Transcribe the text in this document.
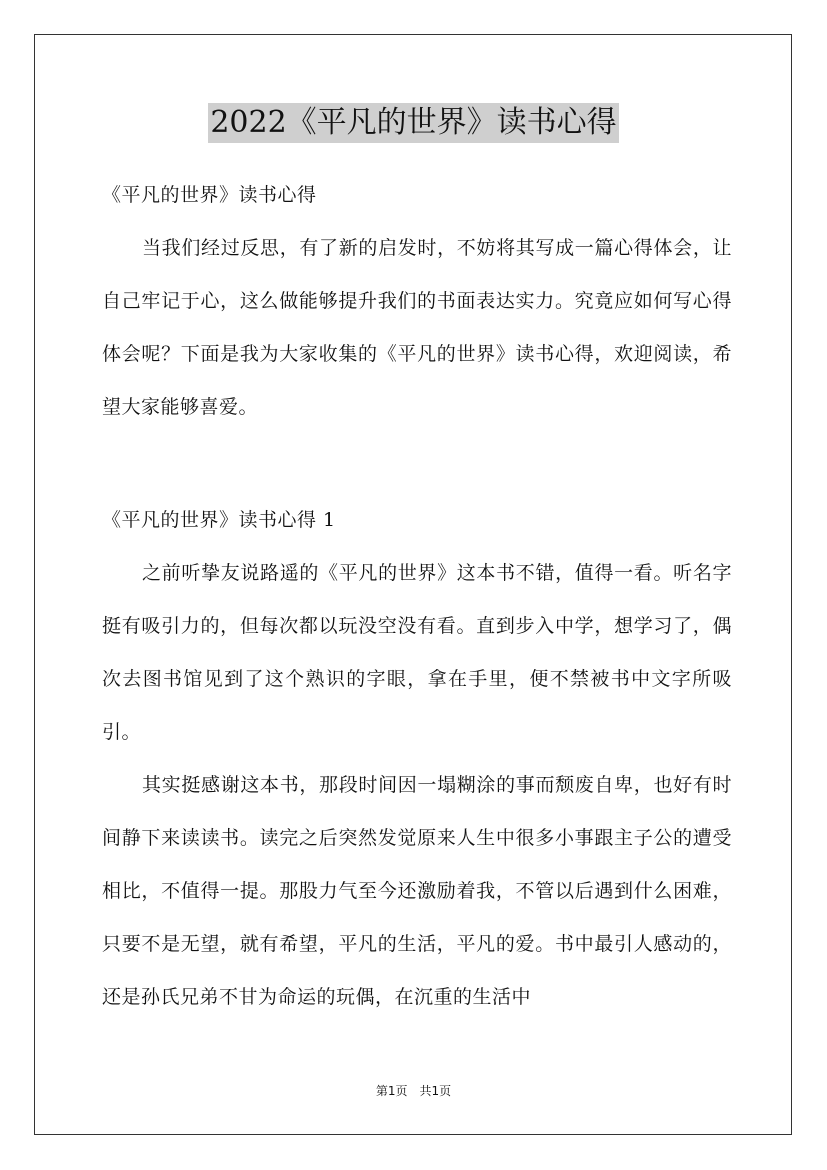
2022《平凡的世界》读书心得
《平凡的世界》读书心得

当我们经过反思，有了新的启发时，不妨将其写成一篇心得体会，让自己牢记于心，这么做能够提升我们的书面表达实力。究竟应如何写心得体会呢？下面是我为大家收集的《平凡的世界》读书心得，欢迎阅读，希望大家能够喜爱。

《平凡的世界》读书心得 1

之前听挚友说路遥的《平凡的世界》这本书不错，值得一看。听名字挺有吸引力的，但每次都以玩没空没有看。直到步入中学，想学习了，偶次去图书馆见到了这个熟识的字眼，拿在手里，便不禁被书中文字所吸引。

其实挺感谢这本书，那段时间因一塌糊涂的事而颓废自卑，也好有时间静下来读读书。读完之后突然发觉原来人生中很多小事跟主子公的遭受相比，不值得一提。那股力气至今还激励着我，不管以后遇到什么困难，只要不是无望，就有希望，平凡的生活，平凡的爱。书中最引人感动的，还是孙氏兄弟不甘为命运的玩偶，在沉重的生活中

第1页 共1页
